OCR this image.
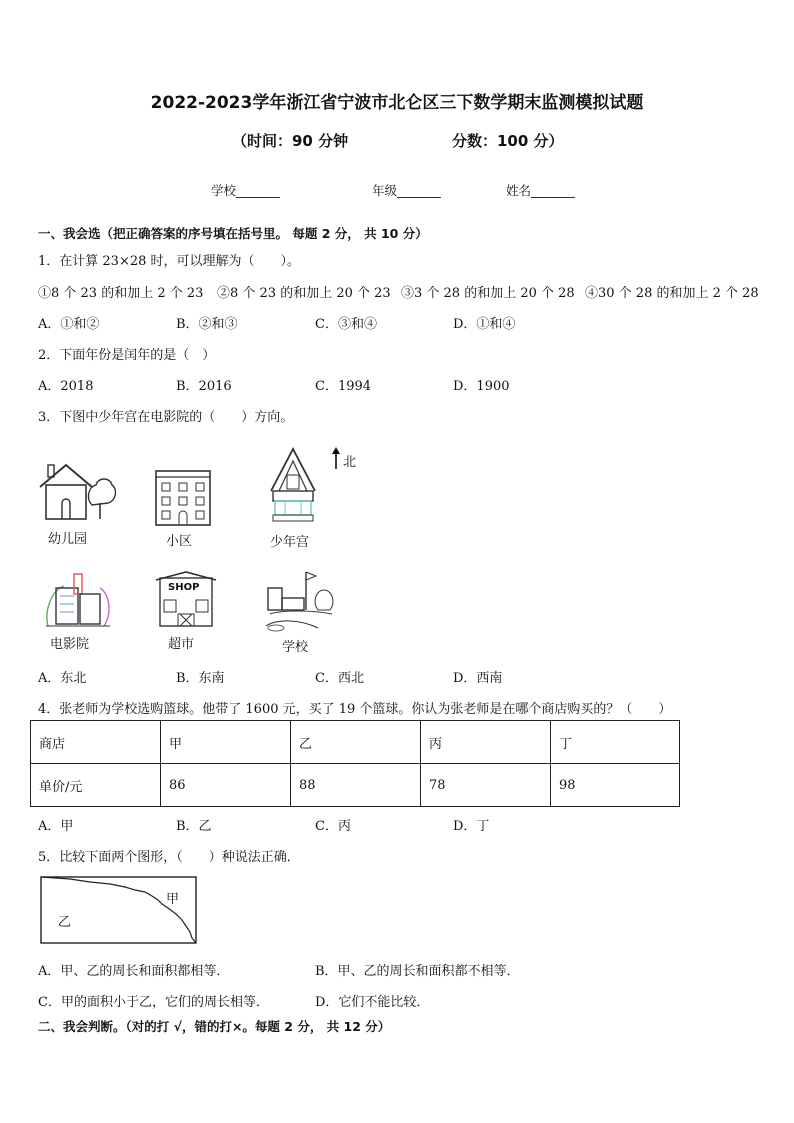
2022-2023学年浙江省宁波市北仑区三下数学期末监测模拟试题
（时间：90 分钟	分数：100 分）
学校_______	年级_______	姓名_______
一、我会选（把正确答案的序号填在括号里。 每题 2 分， 共 10 分）
1．在计算 23×28 时，可以理解为（　　）。
①8 个 23 的和加上 2 个 23 ②8 个 23 的和加上 20 个 23 ③3 个 28 的和加上 20 个 28 ④30 个 28 的和加上 2 个 28
A．①和②	B．②和③	C．③和④	D．①和④
2．下面年份是闰年的是（　）
A．2018	B．2016	C．1994	D．1900
3．下图中少年宫在电影院的（　　）方向。
北
幼儿园	小区	少年宫
电影院
SHOP
超市	学校
A．东北	B．东南	C．西北	D．西南
4．张老师为学校选购篮球。他带了 1600 元，买了 19 个篮球。你认为张老师是在哪个商店购买的？（　　）
商店	甲	乙	丙	丁
单价/元	86	88	78	98
A．甲	B．乙	C．丙	D．丁
5．比较下面两个图形，（　　）种说法正确．
甲
乙
A．甲、乙的周长和面积都相等．	B．甲、乙的周长和面积都不相等．
C．甲的面积小于乙，它们的周长相等．	D．它们不能比较．
二、我会判断。（对的打 √，错的打×。每题 2 分， 共 12 分）
